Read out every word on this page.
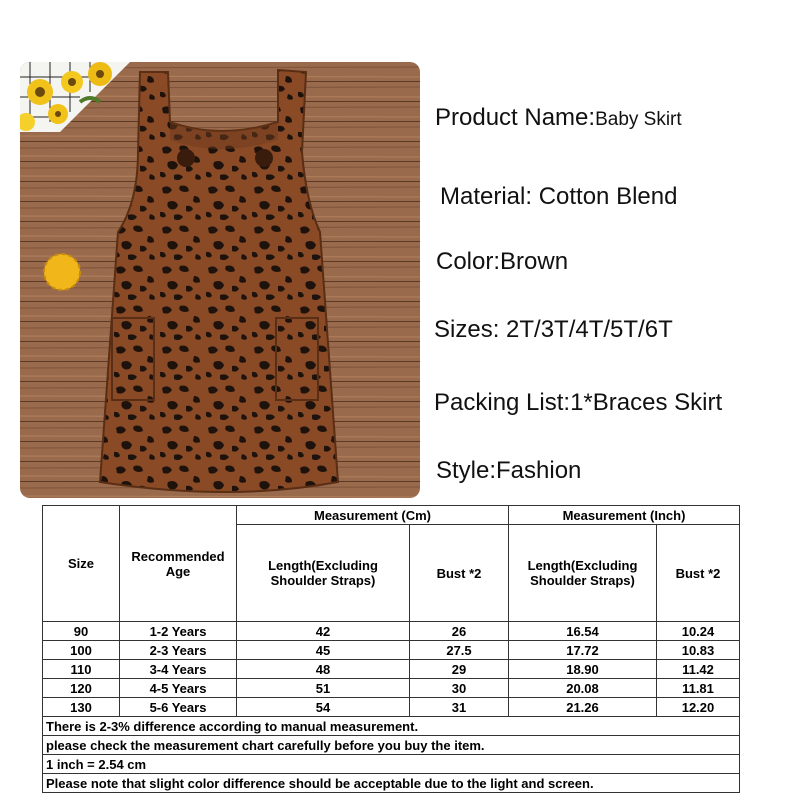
Product Name:Baby Skirt
Material: Cotton Blend
Color:Brown
Sizes: 2T/3T/4T/5T/6T
Packing List:1*Braces Skirt
Style:Fashion
Size	Recommended Age	Measurement (Cm)		Measurement (Inch)	
		Length(Excluding Shoulder Straps)	Bust *2	Length(Excluding Shoulder Straps)	Bust *2
90	1-2 Years	42	26	16.54	10.24
100	2-3 Years	45	27.5	17.72	10.83
110	3-4 Years	48	29	18.90	11.42
120	4-5 Years	51	30	20.08	11.81
130	5-6 Years	54	31	21.26	12.20
There is 2-3% difference according to manual measurement.					
please check the measurement chart carefully before you buy the item.					
1 inch = 2.54 cm					
Please note that slight color difference should be acceptable due to the light and screen.					
